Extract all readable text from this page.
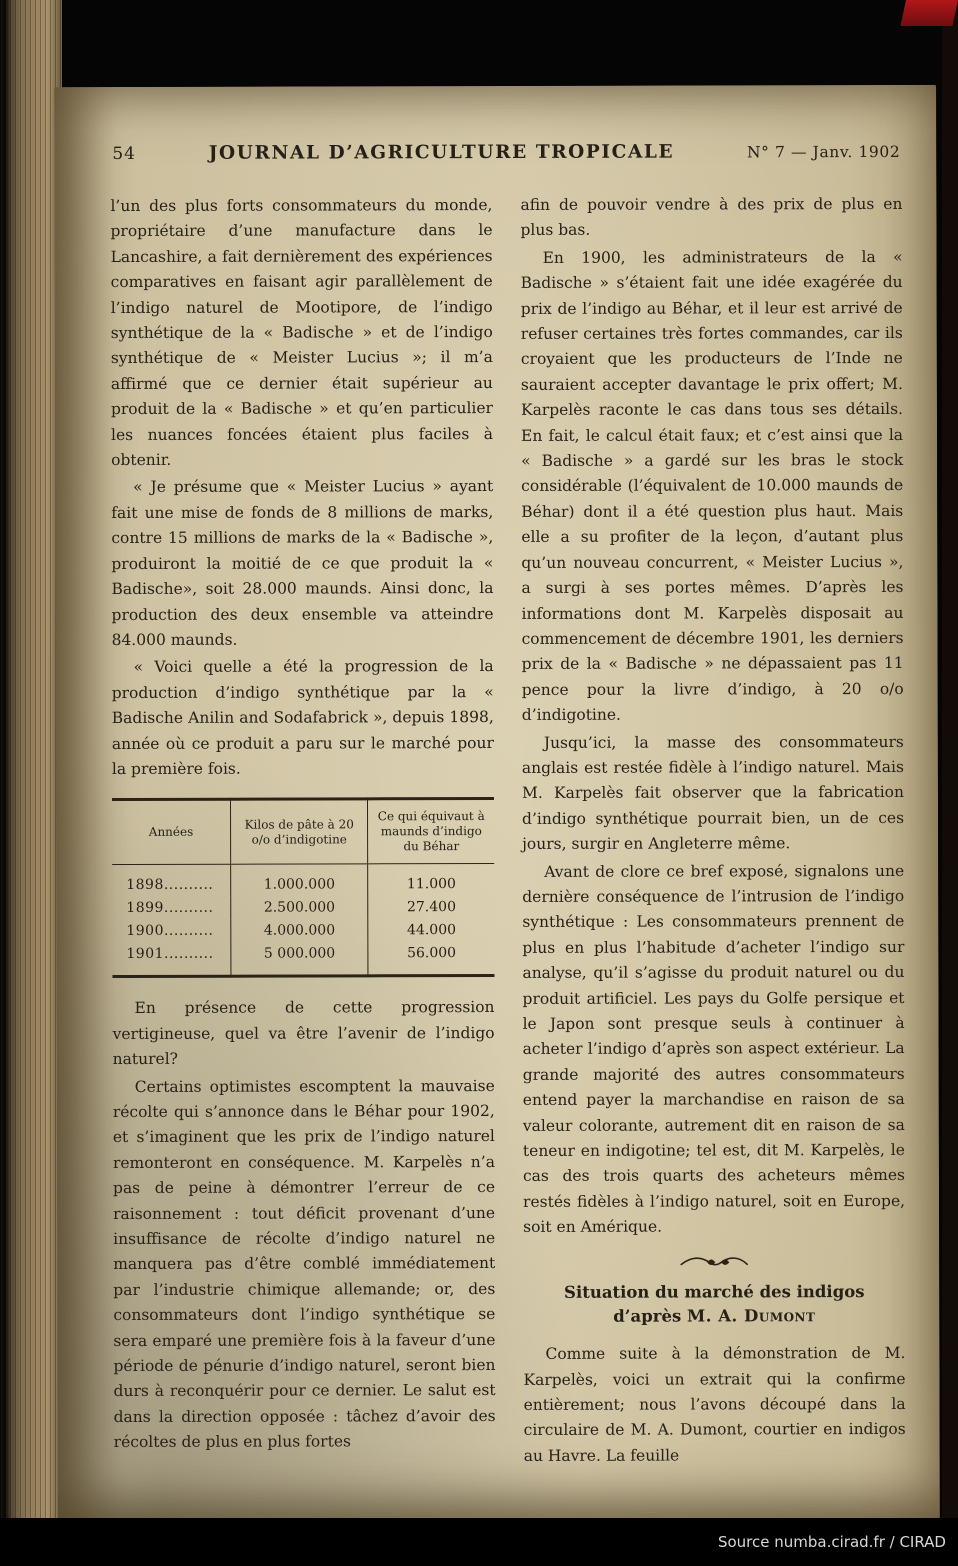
54	JOURNAL D’AGRICULTURE TROPICALE	N° 7 — Janv. 1902

l’un des plus forts consommateurs du monde, propriétaire d’une manufacture dans le Lancashire, a fait dernièrement des expériences comparatives en faisant agir parallèlement de l’indigo naturel de Mootipore, de l’indigo synthétique de la « Badische » et de l’indigo synthétique de « Meister Lucius »; il m’a affirmé que ce dernier était supérieur au produit de la « Badische » et qu’en particulier les nuances foncées étaient plus faciles à obtenir.

« Je présume que « Meister Lucius » ayant fait une mise de fonds de 8 millions de marks, contre 15 millions de marks de la « Badische », produiront la moitié de ce que produit la « Badische», soit 28.000 maunds. Ainsi donc, la production des deux ensemble va atteindre 84.000 maunds.

« Voici quelle a été la progression de la production d’indigo synthétique par la « Badische Anilin and Sodafabrick », depuis 1898, année où ce produit a paru sur le marché pour la première fois.

Années	Kilos de pâte à 20 o/o d’indigotine	Ce qui équivaut à maunds d’indigo du Béhar
1898..........	1.000.000	11.000
1899..........	2.500.000	27.400
1900..........	4.000.000	44.000
1901..........	5 000.000	56.000

En présence de cette progression vertigineuse, quel va être l’avenir de l’indigo naturel?

Certains optimistes escomptent la mauvaise récolte qui s’annonce dans le Béhar pour 1902, et s’imaginent que les prix de l’indigo naturel remonteront en conséquence. M. Karpelès n’a pas de peine à démontrer l’erreur de ce raisonnement : tout déficit provenant d’une insuffisance de récolte d’indigo naturel ne manquera pas d’être comblé immédiatement par l’industrie chimique allemande; or, des consommateurs dont l’indigo synthétique se sera emparé une première fois à la faveur d’une période de pénurie d’indigo naturel, seront bien durs à reconquérir pour ce dernier. Le salut est dans la direction opposée : tâchez d’avoir des récoltes de plus en plus fortes

afin de pouvoir vendre à des prix de plus en plus bas.

En 1900, les administrateurs de la « Badische » s’étaient fait une idée exagérée du prix de l’indigo au Béhar, et il leur est arrivé de refuser certaines très fortes commandes, car ils croyaient que les producteurs de l’Inde ne sauraient accepter davantage le prix offert; M. Karpelès raconte le cas dans tous ses détails. En fait, le calcul était faux; et c’est ainsi que la « Badische » a gardé sur les bras le stock considérable (l’équivalent de 10.000 maunds de Béhar) dont il a été question plus haut. Mais elle a su profiter de la leçon, d’autant plus qu’un nouveau concurrent, « Meister Lucius », a surgi à ses portes mêmes. D’après les informations dont M. Karpelès disposait au commencement de décembre 1901, les derniers prix de la « Badische » ne dépassaient pas 11 pence pour la livre d’indigo, à 20 o/o d’indigotine.

Jusqu’ici, la masse des consommateurs anglais est restée fidèle à l’indigo naturel. Mais M. Karpelès fait observer que la fabrication d’indigo synthétique pourrait bien, un de ces jours, surgir en Angleterre même.

Avant de clore ce bref exposé, signalons une dernière conséquence de l’intrusion de l’indigo synthétique : Les consommateurs prennent de plus en plus l’habitude d’acheter l’indigo sur analyse, qu’il s’agisse du produit naturel ou du produit artificiel. Les pays du Golfe persique et le Japon sont presque seuls à continuer à acheter l’indigo d’après son aspect extérieur. La grande majorité des autres consommateurs entend payer la marchandise en raison de sa valeur colorante, autrement dit en raison de sa teneur en indigotine; tel est, dit M. Karpelès, le cas des trois quarts des acheteurs mêmes restés fidèles à l’indigo naturel, soit en Europe, soit en Amérique.

Situation du marché des indigos
d’après M. A. Dumont

Comme suite à la démonstration de M. Karpelès, voici un extrait qui la confirme entièrement; nous l’avons découpé dans la circulaire de M. A. Dumont, courtier en indigos au Havre. La feuille

Source numba.cirad.fr / CIRAD
